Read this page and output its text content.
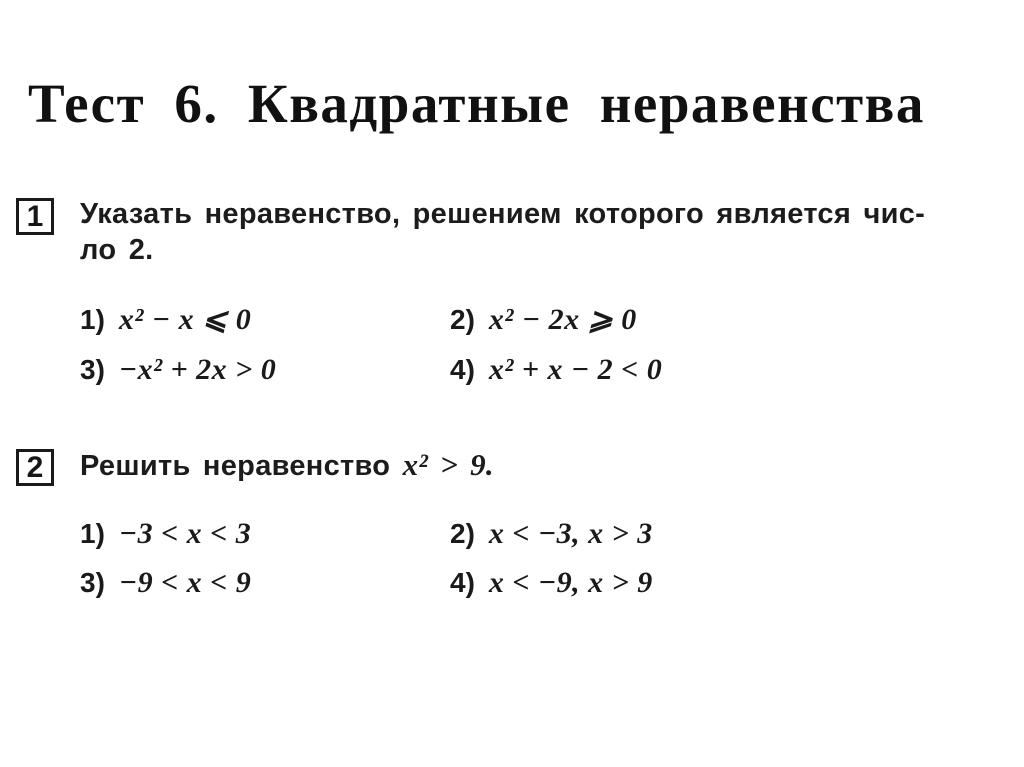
Тест 6. Квадратные неравенства
1	Указать неравенство, решением которого является чис-
ло 2.
1) x² − x ⩽ 0	2) x² − 2x ⩾ 0
3) −x² + 2x > 0	4) x² + x − 2 < 0
2	Решить неравенство x² > 9.
1) −3 < x < 3	2) x < −3, x > 3
3) −9 < x < 9	4) x < −9, x > 9
